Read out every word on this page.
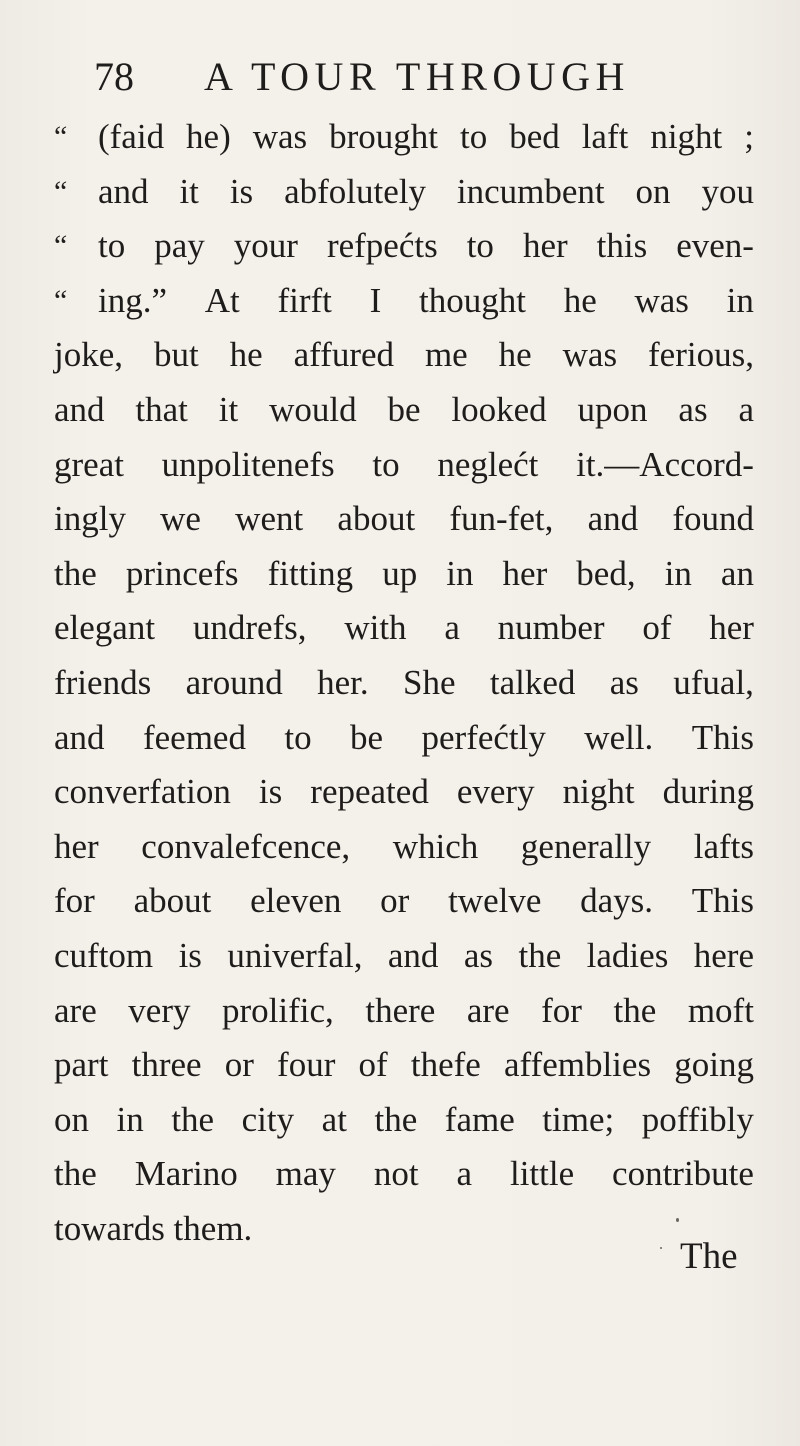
78 A TOUR THROUGH
“ (faid he) was brought to bed laft night ;
“ and it is abfolutely incumbent on you
“ to pay your refpećts to her this even-
“ ing.” At firft I thought he was in
joke, but he affured me he was ferious,
and that it would be looked upon as a
great unpolitenefs to neglećt it.—Accord-
ingly we went about fun-fet, and found
the princefs fitting up in her bed, in an
elegant undrefs, with a number of her
friends around her. She talked as ufual,
and feemed to be perfećtly well. This
converfation is repeated every night during
her convalefcence, which generally lafts
for about eleven or twelve days. This
cuftom is univerfal, and as the ladies here
are very prolific, there are for the moft
part three or four of thefe affemblies going
on in the city at the fame time; poffibly
the Marino may not a little contribute
towards them.
The
